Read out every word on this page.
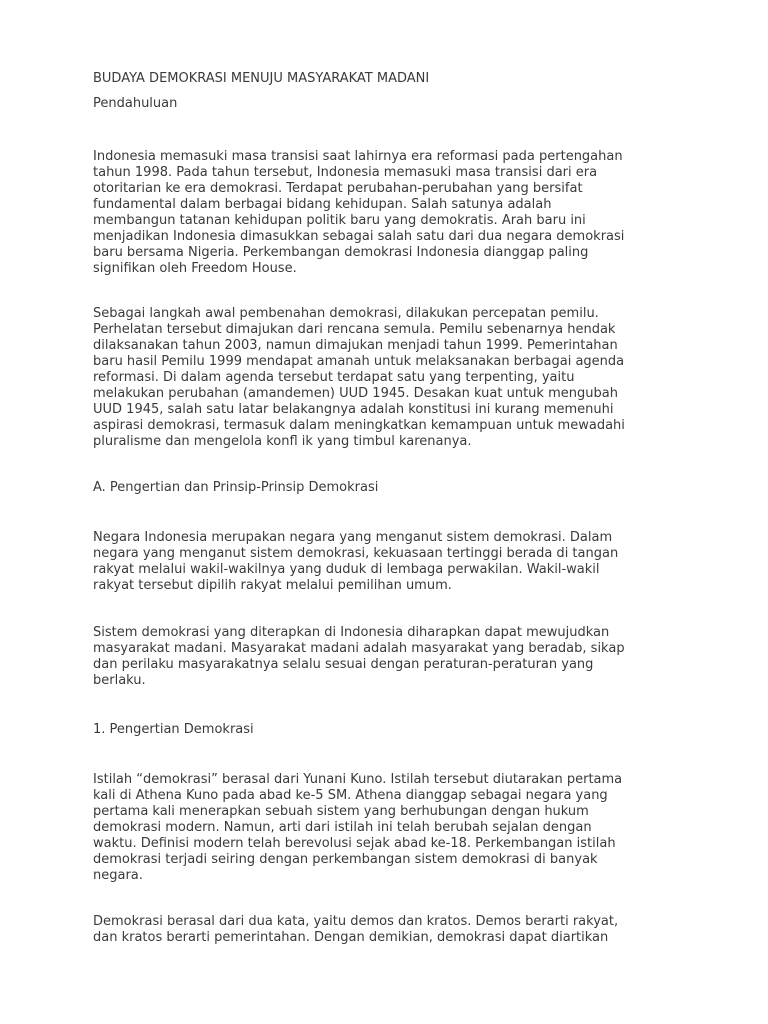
BUDAYA DEMOKRASI MENUJU MASYARAKAT MADANI
Pendahuluan
Indonesia memasuki masa transisi saat lahirnya era reformasi pada pertengahan
tahun 1998. Pada tahun tersebut, Indonesia memasuki masa transisi dari era
otoritarian ke era demokrasi. Terdapat perubahan-perubahan yang bersifat
fundamental dalam berbagai bidang kehidupan. Salah satunya adalah
membangun tatanan kehidupan politik baru yang demokratis. Arah baru ini
menjadikan Indonesia dimasukkan sebagai salah satu dari dua negara demokrasi
baru bersama Nigeria. Perkembangan demokrasi Indonesia dianggap paling
signifikan oleh Freedom House.
Sebagai langkah awal pembenahan demokrasi, dilakukan percepatan pemilu.
Perhelatan tersebut dimajukan dari rencana semula. Pemilu sebenarnya hendak
dilaksanakan tahun 2003, namun dimajukan menjadi tahun 1999. Pemerintahan
baru hasil Pemilu 1999 mendapat amanah untuk melaksanakan berbagai agenda
reformasi. Di dalam agenda tersebut terdapat satu yang terpenting, yaitu
melakukan perubahan (amandemen) UUD 1945. Desakan kuat untuk mengubah
UUD 1945, salah satu latar belakangnya adalah konstitusi ini kurang memenuhi
aspirasi demokrasi, termasuk dalam meningkatkan kemampuan untuk mewadahi
pluralisme dan mengelola konfl ik yang timbul karenanya.
A. Pengertian dan Prinsip-Prinsip Demokrasi
Negara Indonesia merupakan negara yang menganut sistem demokrasi. Dalam
negara yang menganut sistem demokrasi, kekuasaan tertinggi berada di tangan
rakyat melalui wakil-wakilnya yang duduk di lembaga perwakilan. Wakil-wakil
rakyat tersebut dipilih rakyat melalui pemilihan umum.
Sistem demokrasi yang diterapkan di Indonesia diharapkan dapat mewujudkan
masyarakat madani. Masyarakat madani adalah masyarakat yang beradab, sikap
dan perilaku masyarakatnya selalu sesuai dengan peraturan-peraturan yang
berlaku.
1. Pengertian Demokrasi
Istilah “demokrasi” berasal dari Yunani Kuno. Istilah tersebut diutarakan pertama
kali di Athena Kuno pada abad ke-5 SM. Athena dianggap sebagai negara yang
pertama kali menerapkan sebuah sistem yang berhubungan dengan hukum
demokrasi modern. Namun, arti dari istilah ini telah berubah sejalan dengan
waktu. Definisi modern telah berevolusi sejak abad ke-18. Perkembangan istilah
demokrasi terjadi seiring dengan perkembangan sistem demokrasi di banyak
negara.
Demokrasi berasal dari dua kata, yaitu demos dan kratos. Demos berarti rakyat,
dan kratos berarti pemerintahan. Dengan demikian, demokrasi dapat diartikan
